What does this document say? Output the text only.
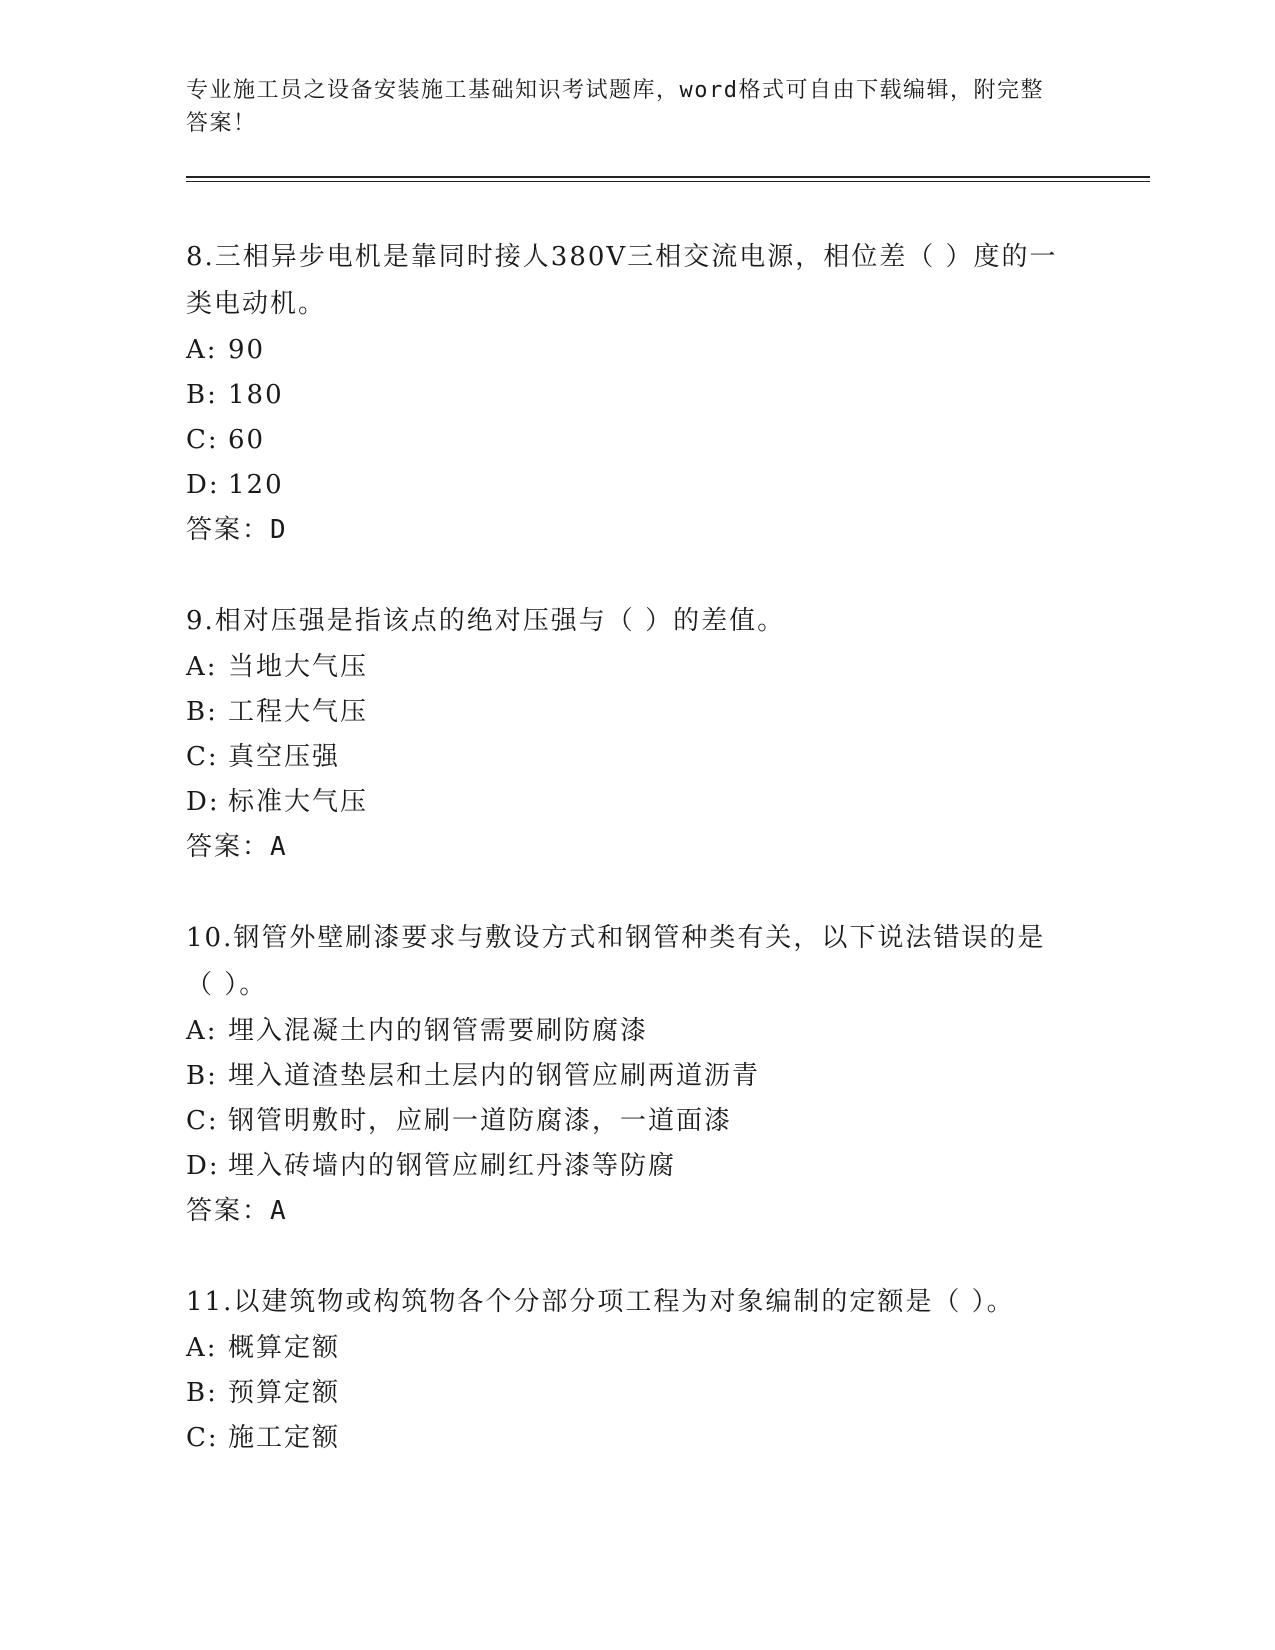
专业施工员之设备安装施工基础知识考试题库，word格式可自由下载编辑，附完整答案！
8.三相异步电机是靠同时接人380V三相交流电源，相位差（ ）度的一类电动机。
A: 90
B: 180
C: 60
D: 120
答案：D
9.相对压强是指该点的绝对压强与（ ）的差值。
A: 当地大气压
B: 工程大气压
C: 真空压强
D: 标准大气压
答案：A
10.钢管外壁刷漆要求与敷设方式和钢管种类有关，以下说法错误的是（ ）。
A: 埋入混凝土内的钢管需要刷防腐漆
B: 埋入道渣垫层和土层内的钢管应刷两道沥青
C: 钢管明敷时，应刷一道防腐漆，一道面漆
D: 埋入砖墙内的钢管应刷红丹漆等防腐
答案：A
11.以建筑物或构筑物各个分部分项工程为对象编制的定额是（ ）。
A: 概算定额
B: 预算定额
C: 施工定额
